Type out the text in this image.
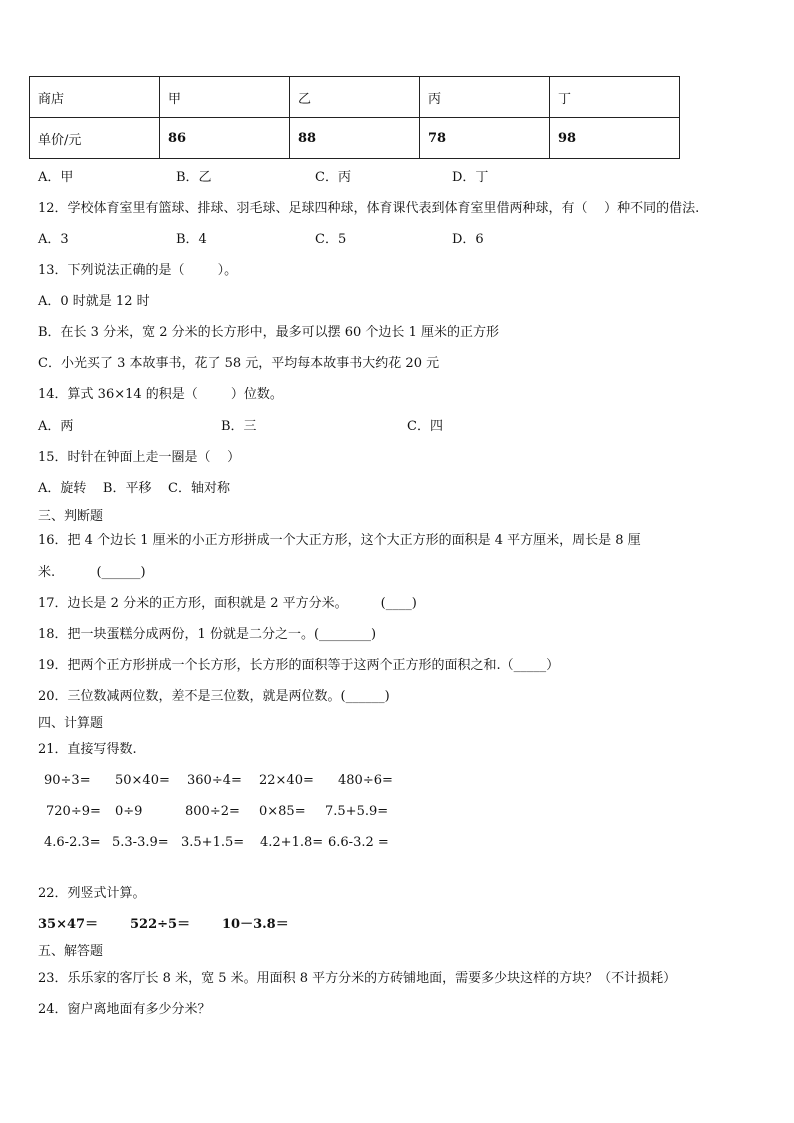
商店	甲	乙	丙	丁
单价/元	86	88	78	98
A．甲	B．乙	C．丙	D．丁
12．学校体育室里有篮球、排球、羽毛球、足球四种球，体育课代表到体育室里借两种球，有（    ）种不同的借法.
A．3	B．4	C．5	D．6
13．下列说法正确的是（        ）。
A．0 时就是 12 时
B．在长 3 分米，宽 2 分米的长方形中，最多可以摆 60 个边长 1 厘米的正方形
C．小光买了 3 本故事书，花了 58 元，平均每本故事书大约花 20 元
14．算式 36×14 的积是（        ）位数。
A．两	B．三	C．四
15．时针在钟面上走一圈是（    ）
A．旋转    B．平移    C．轴对称
三、判断题
16．把 4 个边长 1 厘米的小正方形拼成一个大正方形，这个大正方形的面积是 4 平方厘米，周长是 8 厘
米.          (______)
17．边长是 2 分米的正方形，面积就是 2 平方分米。        (____)
18．把一块蛋糕分成两份，1 份就是二分之一。(________)
19．把两个正方形拼成一个长方形，长方形的面积等于这两个正方形的面积之和.（_____）
20．三位数减两位数，差不是三位数，就是两位数。(______)
四、计算题
21．直接写得数.
90÷3= 50×40= 360÷4= 22×40= 480÷6=
720÷9= 0÷9	800÷2= 0×85= 7.5+5.9=
4.6-2.3= 5.3-3.9= 3.5+1.5= 4.2+1.8= 6.6-3.2 =
22．列竖式计算。
35×47＝ 522÷5＝ 10－3.8＝
五、解答题
23．乐乐家的客厅长 8 米，宽 5 米。用面积 8 平方分米的方砖铺地面，需要多少块这样的方块？（不计损耗）
24．窗户离地面有多少分米？
